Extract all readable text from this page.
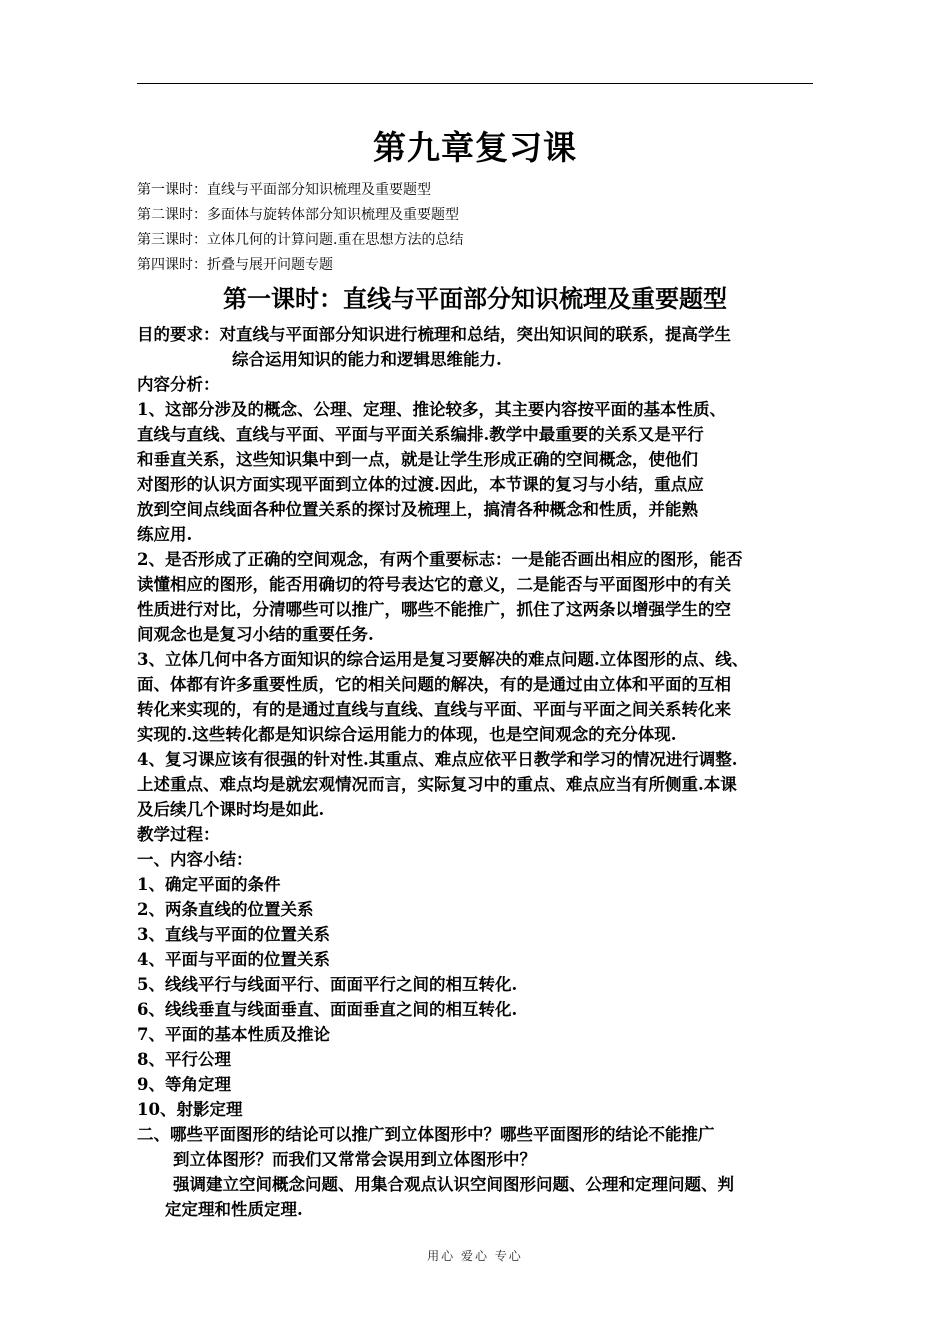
第九章复习课
第一课时：直线与平面部分知识梳理及重要题型
第二课时：多面体与旋转体部分知识梳理及重要题型
第三课时：立体几何的计算问题.重在思想方法的总结
第四课时：折叠与展开问题专题
第一课时：直线与平面部分知识梳理及重要题型
目的要求：对直线与平面部分知识进行梳理和总结，突出知识间的联系，提高学生
综合运用知识的能力和逻辑思维能力.
内容分析：
1、这部分涉及的概念、公理、定理、推论较多，其主要内容按平面的基本性质、
直线与直线、直线与平面、平面与平面关系编排.教学中最重要的关系又是平行
和垂直关系，这些知识集中到一点，就是让学生形成正确的空间概念，使他们
对图形的认识方面实现平面到立体的过渡.因此，本节课的复习与小结，重点应
放到空间点线面各种位置关系的探讨及梳理上，搞清各种概念和性质，并能熟
练应用.
2、是否形成了正确的空间观念，有两个重要标志：一是能否画出相应的图形，能否
读懂相应的图形，能否用确切的符号表达它的意义，二是能否与平面图形中的有关
性质进行对比，分清哪些可以推广，哪些不能推广，抓住了这两条以增强学生的空
间观念也是复习小结的重要任务.
3、立体几何中各方面知识的综合运用是复习要解决的难点问题.立体图形的点、线、
面、体都有许多重要性质，它的相关问题的解决，有的是通过由立体和平面的互相
转化来实现的，有的是通过直线与直线、直线与平面、平面与平面之间关系转化来
实现的.这些转化都是知识综合运用能力的体现，也是空间观念的充分体现.
4、复习课应该有很强的针对性.其重点、难点应依平日教学和学习的情况进行调整.
上述重点、难点均是就宏观情况而言，实际复习中的重点、难点应当有所侧重.本课
及后续几个课时均是如此.
教学过程：
一、内容小结：
1、确定平面的条件
2、两条直线的位置关系
3、直线与平面的位置关系
4、平面与平面的位置关系
5、线线平行与线面平行、面面平行之间的相互转化.
6、线线垂直与线面垂直、面面垂直之间的相互转化.
7、平面的基本性质及推论
8、平行公理
9、等角定理
10、射影定理
二、哪些平面图形的结论可以推广到立体图形中？哪些平面图形的结论不能推广
到立体图形？而我们又常常会误用到立体图形中？
强调建立空间概念问题、用集合观点认识空间图形问题、公理和定理问题、判
定定理和性质定理.
用心 爱心 专心
